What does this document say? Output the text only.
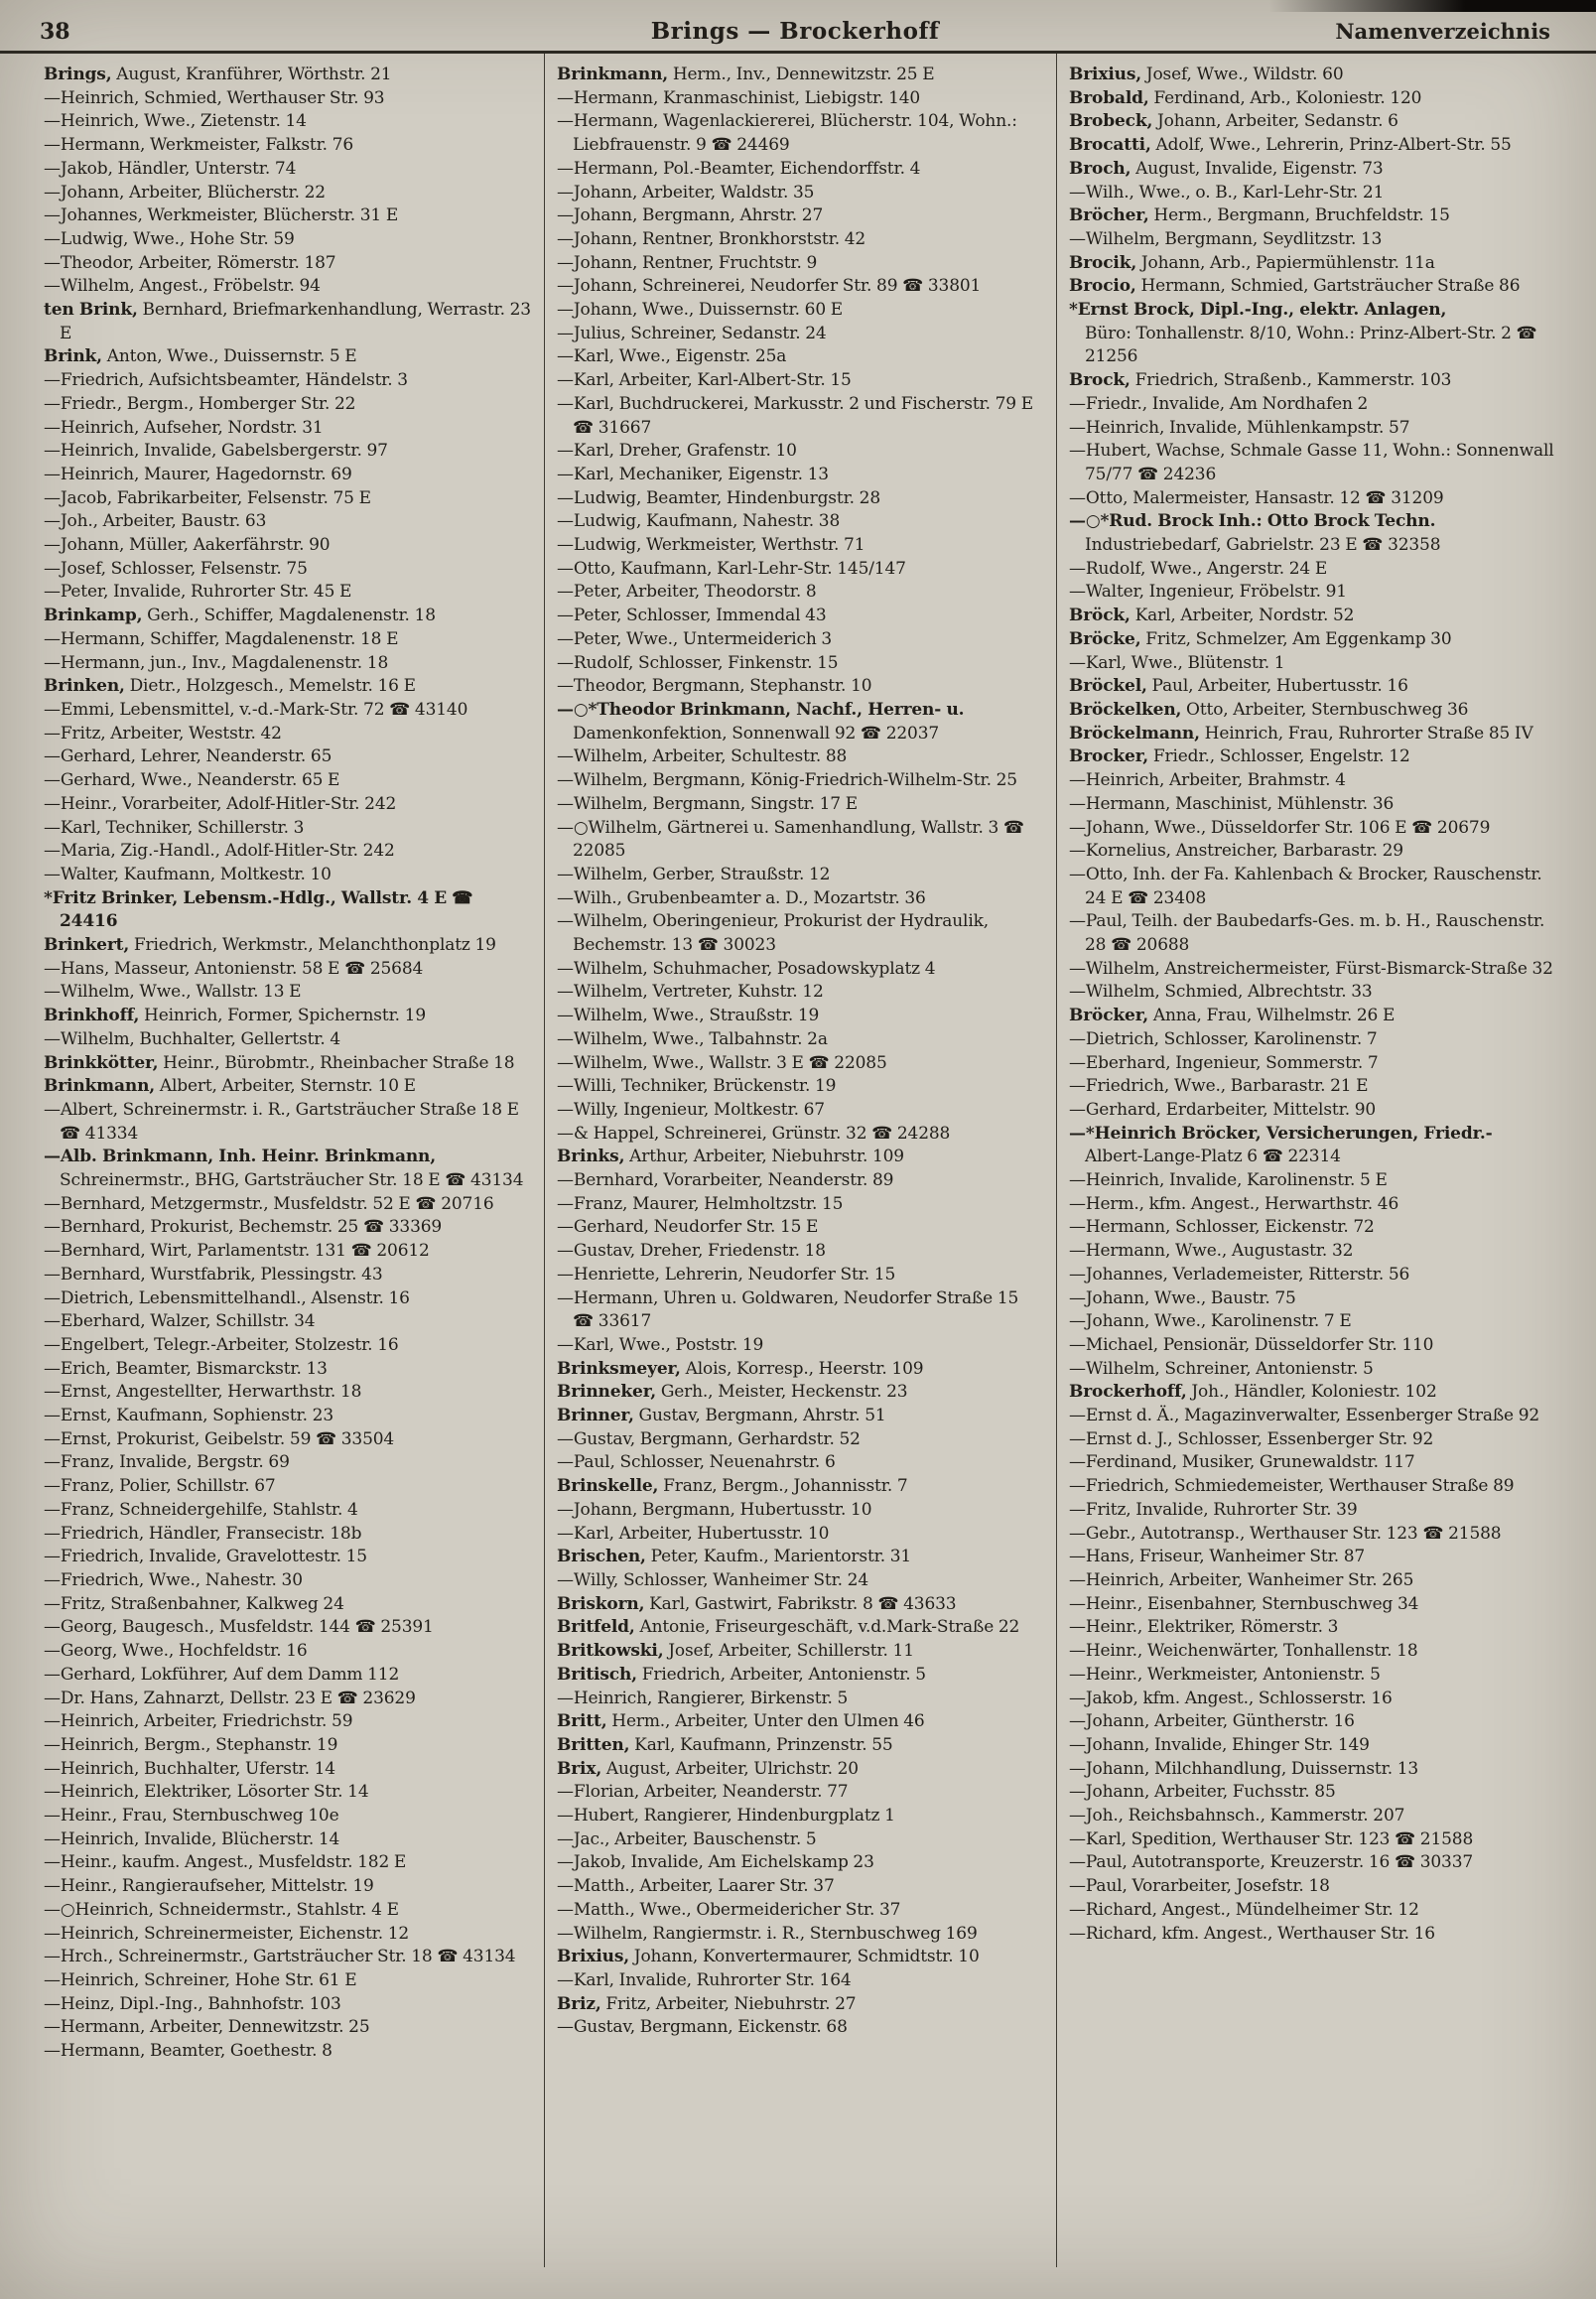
38	Brings — Brockerhoff	Namenverzeichnis
Brings, August, Kranführer, Wörthstr. 21
—Heinrich, Schmied, Werthauser Str. 93
—Heinrich, Wwe., Zietenstr. 14
—Hermann, Werkmeister, Falkstr. 76
—Jakob, Händler, Unterstr. 74
—Johann, Arbeiter, Blücherstr. 22
—Johannes, Werkmeister, Blücherstr. 31 E
—Ludwig, Wwe., Hohe Str. 59
—Theodor, Arbeiter, Römerstr. 187
—Wilhelm, Angest., Fröbelstr. 94
ten Brink, Bernhard, Briefmarkenhandlung, Werrastr. 23 E
Brink, Anton, Wwe., Duissernstr. 5 E
—Friedrich, Aufsichtsbeamter, Händelstr. 3
—Friedr., Bergm., Homberger Str. 22
—Heinrich, Aufseher, Nordstr. 31
—Heinrich, Invalide, Gabelsbergerstr. 97
—Heinrich, Maurer, Hagedornstr. 69
—Jacob, Fabrikarbeiter, Felsenstr. 75 E
—Joh., Arbeiter, Baustr. 63
—Johann, Müller, Aakerfährstr. 90
—Josef, Schlosser, Felsenstr. 75
—Peter, Invalide, Ruhrorter Str. 45 E
Brinkamp, Gerh., Schiffer, Magdalenenstr. 18
—Hermann, Schiffer, Magdalenenstr. 18 E
—Hermann, jun., Inv., Magdalenenstr. 18
Brinken, Dietr., Holzgesch., Memelstr. 16 E
—Emmi, Lebensmittel, v.-d.-Mark-Str. 72 ☎ 43140
—Fritz, Arbeiter, Weststr. 42
—Gerhard, Lehrer, Neanderstr. 65
—Gerhard, Wwe., Neanderstr. 65 E
—Heinr., Vorarbeiter, Adolf-Hitler-Str. 242
—Karl, Techniker, Schillerstr. 3
—Maria, Zig.-Handl., Adolf-Hitler-Str. 242
—Walter, Kaufmann, Moltkestr. 10
*Fritz Brinker, Lebensm.-Hdlg., Wallstr. 4 E ☎ 24416
Brinkert, Friedrich, Werkmstr., Melanchthonplatz 19
—Hans, Masseur, Antonienstr. 58 E ☎ 25684
—Wilhelm, Wwe., Wallstr. 13 E
Brinkhoff, Heinrich, Former, Spichernstr. 19
—Wilhelm, Buchhalter, Gellertstr. 4
Brinkkötter, Heinr., Bürobmtr., Rheinbacher Straße 18
Brinkmann, Albert, Arbeiter, Sternstr. 10 E
—Albert, Schreinermstr. i. R., Gartsträucher Straße 18 E ☎ 41334
—Alb. Brinkmann, Inh. Heinr. Brinkmann,
Schreinermstr., BHG, Gartsträucher Str. 18 E ☎ 43134
—Bernhard, Metzgermstr., Musfeldstr. 52 E ☎ 20716
—Bernhard, Prokurist, Bechemstr. 25 ☎ 33369
—Bernhard, Wirt, Parlamentstr. 131 ☎ 20612
—Bernhard, Wurstfabrik, Plessingstr. 43
—Dietrich, Lebensmittelhandl., Alsenstr. 16
—Eberhard, Walzer, Schillstr. 34
—Engelbert, Telegr.-Arbeiter, Stolzestr. 16
—Erich, Beamter, Bismarckstr. 13
—Ernst, Angestellter, Herwarthstr. 18
—Ernst, Kaufmann, Sophienstr. 23
—Ernst, Prokurist, Geibelstr. 59 ☎ 33504
—Franz, Invalide, Bergstr. 69
—Franz, Polier, Schillstr. 67
—Franz, Schneidergehilfe, Stahlstr. 4
—Friedrich, Händler, Fransecistr. 18b
—Friedrich, Invalide, Gravelottestr. 15
—Friedrich, Wwe., Nahestr. 30
—Fritz, Straßenbahner, Kalkweg 24
—Georg, Baugesch., Musfeldstr. 144 ☎ 25391
—Georg, Wwe., Hochfeldstr. 16
—Gerhard, Lokführer, Auf dem Damm 112
—Dr. Hans, Zahnarzt, Dellstr. 23 E ☎ 23629
—Heinrich, Arbeiter, Friedrichstr. 59
—Heinrich, Bergm., Stephanstr. 19
—Heinrich, Buchhalter, Uferstr. 14
—Heinrich, Elektriker, Lösorter Str. 14
—Heinr., Frau, Sternbuschweg 10e
—Heinrich, Invalide, Blücherstr. 14
—Heinr., kaufm. Angest., Musfeldstr. 182 E
—Heinr., Rangieraufseher, Mittelstr. 19
—○Heinrich, Schneidermstr., Stahlstr. 4 E
—Heinrich, Schreinermeister, Eichenstr. 12
—Hrch., Schreinermstr., Gartsträucher Str. 18 ☎ 43134
—Heinrich, Schreiner, Hohe Str. 61 E
—Heinz, Dipl.-Ing., Bahnhofstr. 103
—Hermann, Arbeiter, Dennewitzstr. 25
—Hermann, Beamter, Goethestr. 8
Brinkmann, Herm., Inv., Dennewitzstr. 25 E
—Hermann, Kranmaschinist, Liebigstr. 140
—Hermann, Wagenlackiererei, Blücherstr. 104, Wohn.: Liebfrauenstr. 9 ☎ 24469
—Hermann, Pol.-Beamter, Eichendorffstr. 4
—Johann, Arbeiter, Waldstr. 35
—Johann, Bergmann, Ahrstr. 27
—Johann, Rentner, Bronkhorststr. 42
—Johann, Rentner, Fruchtstr. 9
—Johann, Schreinerei, Neudorfer Str. 89 ☎ 33801
—Johann, Wwe., Duissernstr. 60 E
—Julius, Schreiner, Sedanstr. 24
—Karl, Wwe., Eigenstr. 25a
—Karl, Arbeiter, Karl-Albert-Str. 15
—Karl, Buchdruckerei, Markusstr. 2 und Fischerstr. 79 E ☎ 31667
—Karl, Dreher, Grafenstr. 10
—Karl, Mechaniker, Eigenstr. 13
—Ludwig, Beamter, Hindenburgstr. 28
—Ludwig, Kaufmann, Nahestr. 38
—Ludwig, Werkmeister, Werthstr. 71
—Otto, Kaufmann, Karl-Lehr-Str. 145/147
—Peter, Arbeiter, Theodorstr. 8
—Peter, Schlosser, Immendal 43
—Peter, Wwe., Untermeiderich 3
—Rudolf, Schlosser, Finkenstr. 15
—Theodor, Bergmann, Stephanstr. 10
—○*Theodor Brinkmann, Nachf., Herren- u.
Damenkonfektion, Sonnenwall 92 ☎ 22037
—Wilhelm, Arbeiter, Schultestr. 88
—Wilhelm, Bergmann, König-Friedrich-Wilhelm-Str. 25
—Wilhelm, Bergmann, Singstr. 17 E
—○Wilhelm, Gärtnerei u. Samenhandlung, Wallstr. 3 ☎ 22085
—Wilhelm, Gerber, Straußstr. 12
—Wilh., Grubenbeamter a. D., Mozartstr. 36
—Wilhelm, Oberingenieur, Prokurist der Hydraulik, Bechemstr. 13 ☎ 30023
—Wilhelm, Schuhmacher, Posadowskyplatz 4
—Wilhelm, Vertreter, Kuhstr. 12
—Wilhelm, Wwe., Straußstr. 19
—Wilhelm, Wwe., Talbahnstr. 2a
—Wilhelm, Wwe., Wallstr. 3 E ☎ 22085
—Willi, Techniker, Brückenstr. 19
—Willy, Ingenieur, Moltkestr. 67
—& Happel, Schreinerei, Grünstr. 32 ☎ 24288
Brinks, Arthur, Arbeiter, Niebuhrstr. 109
—Bernhard, Vorarbeiter, Neanderstr. 89
—Franz, Maurer, Helmholtzstr. 15
—Gerhard, Neudorfer Str. 15 E
—Gustav, Dreher, Friedenstr. 18
—Henriette, Lehrerin, Neudorfer Str. 15
—Hermann, Uhren u. Goldwaren, Neudorfer Straße 15 ☎ 33617
—Karl, Wwe., Poststr. 19
Brinksmeyer, Alois, Korresp., Heerstr. 109
Brinneker, Gerh., Meister, Heckenstr. 23
Brinner, Gustav, Bergmann, Ahrstr. 51
—Gustav, Bergmann, Gerhardstr. 52
—Paul, Schlosser, Neuenahrstr. 6
Brinskelle, Franz, Bergm., Johannisstr. 7
—Johann, Bergmann, Hubertusstr. 10
—Karl, Arbeiter, Hubertusstr. 10
Brischen, Peter, Kaufm., Marientorstr. 31
—Willy, Schlosser, Wanheimer Str. 24
Briskorn, Karl, Gastwirt, Fabrikstr. 8 ☎ 43633
Britfeld, Antonie, Friseurgeschäft, v.d.Mark-Straße 22
Britkowski, Josef, Arbeiter, Schillerstr. 11
Britisch, Friedrich, Arbeiter, Antonienstr. 5
—Heinrich, Rangierer, Birkenstr. 5
Britt, Herm., Arbeiter, Unter den Ulmen 46
Britten, Karl, Kaufmann, Prinzenstr. 55
Brix, August, Arbeiter, Ulrichstr. 20
—Florian, Arbeiter, Neanderstr. 77
—Hubert, Rangierer, Hindenburgplatz 1
—Jac., Arbeiter, Bauschenstr. 5
—Jakob, Invalide, Am Eichelskamp 23
—Matth., Arbeiter, Laarer Str. 37
—Matth., Wwe., Obermeidericher Str. 37
—Wilhelm, Rangiermstr. i. R., Sternbuschweg 169
Brixius, Johann, Konvertermaurer, Schmidtstr. 10
—Karl, Invalide, Ruhrorter Str. 164
Briz, Fritz, Arbeiter, Niebuhrstr. 27
—Gustav, Bergmann, Eickenstr. 68
Brixius, Josef, Wwe., Wildstr. 60
Brobald, Ferdinand, Arb., Koloniestr. 120
Brobeck, Johann, Arbeiter, Sedanstr. 6
Brocatti, Adolf, Wwe., Lehrerin, Prinz-Albert-Str. 55
Broch, August, Invalide, Eigenstr. 73
—Wilh., Wwe., o. B., Karl-Lehr-Str. 21
Bröcher, Herm., Bergmann, Bruchfeldstr. 15
—Wilhelm, Bergmann, Seydlitzstr. 13
Brocik, Johann, Arb., Papiermühlenstr. 11a
Brocio, Hermann, Schmied, Gartsträucher Straße 86
*Ernst Brock, Dipl.-Ing., elektr. Anlagen,
Büro: Tonhallenstr. 8/10, Wohn.: Prinz-Albert-Str. 2 ☎ 21256
Brock, Friedrich, Straßenb., Kammerstr. 103
—Friedr., Invalide, Am Nordhafen 2
—Heinrich, Invalide, Mühlenkampstr. 57
—Hubert, Wachse, Schmale Gasse 11, Wohn.: Sonnenwall 75/77 ☎ 24236
—Otto, Malermeister, Hansastr. 12 ☎ 31209
—○*Rud. Brock Inh.: Otto Brock Techn.
Industriebedarf, Gabrielstr. 23 E ☎ 32358
—Rudolf, Wwe., Angerstr. 24 E
—Walter, Ingenieur, Fröbelstr. 91
Bröck, Karl, Arbeiter, Nordstr. 52
Bröcke, Fritz, Schmelzer, Am Eggenkamp 30
—Karl, Wwe., Blütenstr. 1
Bröckel, Paul, Arbeiter, Hubertusstr. 16
Bröckelken, Otto, Arbeiter, Sternbuschweg 36
Bröckelmann, Heinrich, Frau, Ruhrorter Straße 85 IV
Brocker, Friedr., Schlosser, Engelstr. 12
—Heinrich, Arbeiter, Brahmstr. 4
—Hermann, Maschinist, Mühlenstr. 36
—Johann, Wwe., Düsseldorfer Str. 106 E ☎ 20679
—Kornelius, Anstreicher, Barbarastr. 29
—Otto, Inh. der Fa. Kahlenbach & Brocker, Rauschenstr. 24 E ☎ 23408
—Paul, Teilh. der Baubedarfs-Ges. m. b. H., Rauschenstr. 28 ☎ 20688
—Wilhelm, Anstreichermeister, Fürst-Bismarck-Straße 32
—Wilhelm, Schmied, Albrechtstr. 33
Bröcker, Anna, Frau, Wilhelmstr. 26 E
—Dietrich, Schlosser, Karolinenstr. 7
—Eberhard, Ingenieur, Sommerstr. 7
—Friedrich, Wwe., Barbarastr. 21 E
—Gerhard, Erdarbeiter, Mittelstr. 90
—*Heinrich Bröcker, Versicherungen, Friedr.-
Albert-Lange-Platz 6 ☎ 22314
—Heinrich, Invalide, Karolinenstr. 5 E
—Herm., kfm. Angest., Herwarthstr. 46
—Hermann, Schlosser, Eickenstr. 72
—Hermann, Wwe., Augustastr. 32
—Johannes, Verlademeister, Ritterstr. 56
—Johann, Wwe., Baustr. 75
—Johann, Wwe., Karolinenstr. 7 E
—Michael, Pensionär, Düsseldorfer Str. 110
—Wilhelm, Schreiner, Antonienstr. 5
Brockerhoff, Joh., Händler, Koloniestr. 102
—Ernst d. Ä., Magazinverwalter, Essenberger Straße 92
—Ernst d. J., Schlosser, Essenberger Str. 92
—Ferdinand, Musiker, Grunewaldstr. 117
—Friedrich, Schmiedemeister, Werthauser Straße 89
—Fritz, Invalide, Ruhrorter Str. 39
—Gebr., Autotransp., Werthauser Str. 123 ☎ 21588
—Hans, Friseur, Wanheimer Str. 87
—Heinrich, Arbeiter, Wanheimer Str. 265
—Heinr., Eisenbahner, Sternbuschweg 34
—Heinr., Elektriker, Römerstr. 3
—Heinr., Weichenwärter, Tonhallenstr. 18
—Heinr., Werkmeister, Antonienstr. 5
—Jakob, kfm. Angest., Schlosserstr. 16
—Johann, Arbeiter, Güntherstr. 16
—Johann, Invalide, Ehinger Str. 149
—Johann, Milchhandlung, Duissernstr. 13
—Johann, Arbeiter, Fuchsstr. 85
—Joh., Reichsbahnsch., Kammerstr. 207
—Karl, Spedition, Werthauser Str. 123 ☎ 21588
—Paul, Autotransporte, Kreuzerstr. 16 ☎ 30337
—Paul, Vorarbeiter, Josefstr. 18
—Richard, Angest., Mündelheimer Str. 12
—Richard, kfm. Angest., Werthauser Str. 16
